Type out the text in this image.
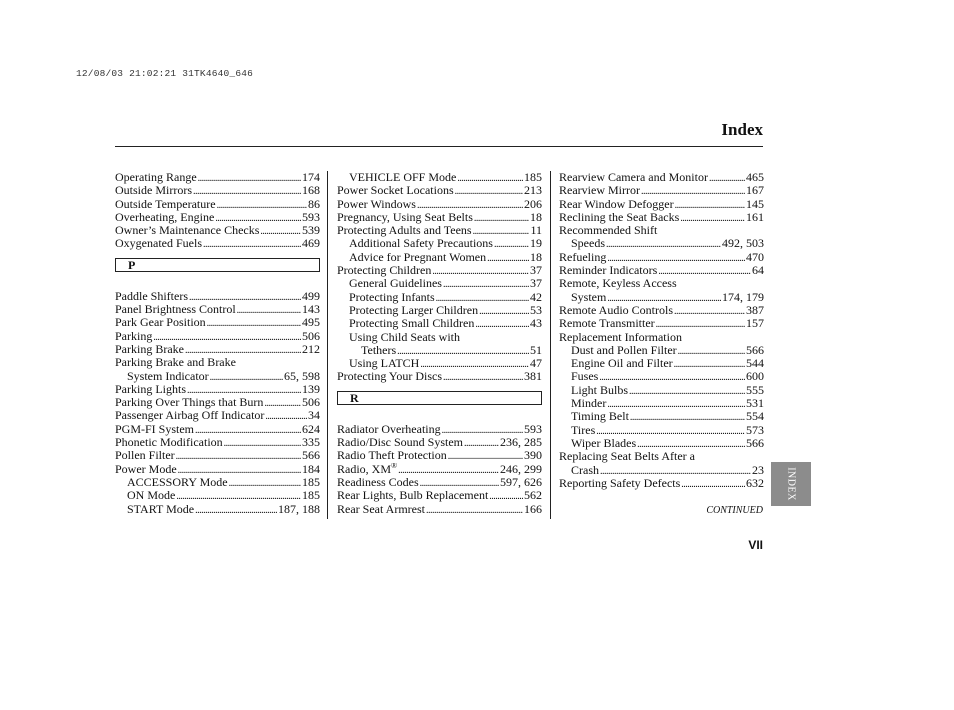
12/08/03 21:02:21 31TK4640_646
Index
Operating Range .....	174
Outside Mirrors .....	168
Outside Temperature .....	86
Overheating, Engine .....	593
Owner’s Maintenance Checks .....	539
Oxygenated Fuels .....	469
P
Paddle Shifters .....	499
Panel Brightness Control .....	143
Park Gear Position .....	495
Parking .....	506
Parking Brake .....	212
Parking Brake and Brake
System Indicator .....	65, 598
Parking Lights .....	139
Parking Over Things that Burn .....	506
Passenger Airbag Off Indicator .....	34
PGM-FI System .....	624
Phonetic Modification .....	335
Pollen Filter .....	566
Power Mode .....	184
ACCESSORY Mode .....	185
ON Mode .....	185
START Mode .....	187, 188
VEHICLE OFF Mode .....	185
Power Socket Locations .....	213
Power Windows .....	206
Pregnancy, Using Seat Belts .....	18
Protecting Adults and Teens .....	11
Additional Safety Precautions .....	19
Advice for Pregnant Women .....	18
Protecting Children .....	37
General Guidelines .....	37
Protecting Infants .....	42
Protecting Larger Children .....	53
Protecting Small Children .....	43
Using Child Seats with
Tethers .....	51
Using LATCH .....	47
Protecting Your Discs .....	381
R
Radiator Overheating .....	593
Radio/Disc Sound System .....	236, 285
Radio Theft Protection .....	390
Radio, XM® .....	246, 299
Readiness Codes .....	597, 626
Rear Lights, Bulb Replacement .....	562
Rear Seat Armrest .....	166
Rearview Camera and Monitor .....	465
Rearview Mirror .....	167
Rear Window Defogger .....	145
Reclining the Seat Backs .....	161
Recommended Shift
Speeds .....	492, 503
Refueling .....	470
Reminder Indicators .....	64
Remote, Keyless Access
System .....	174, 179
Remote Audio Controls .....	387
Remote Transmitter .....	157
Replacement Information
Dust and Pollen Filter .....	566
Engine Oil and Filter .....	544
Fuses .....	600
Light Bulbs .....	555
Minder .....	531
Timing Belt .....	554
Tires .....	573
Wiper Blades .....	566
Replacing Seat Belts After a
Crash .....	23
Reporting Safety Defects .....	632
CONTINUED
VII
INDEX
